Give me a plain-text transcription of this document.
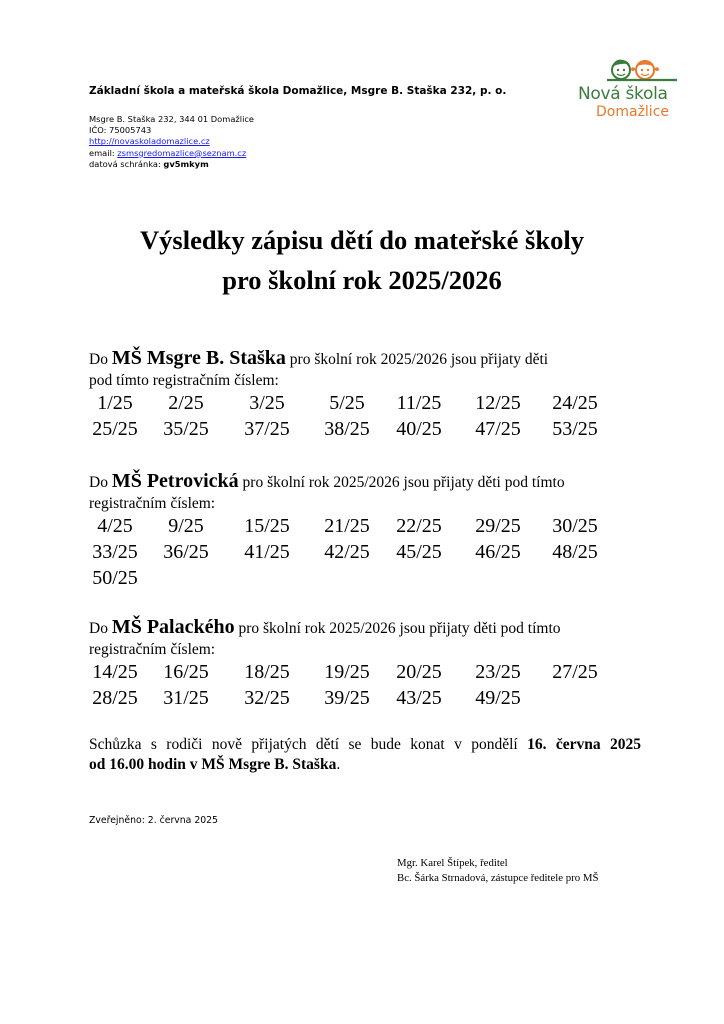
Základní škola a mateřská škola Domažlice, Msgre B. Staška 232, p. o.
Msgre B. Staška 232, 344 01 Domažlice
IČO: 75005743
http://novaskoladomazlice.cz
email: zsmsgredomazlice@seznam.cz
datová schránka: gv5mkym
Nová škola
Domažlice
Výsledky zápisu dětí do mateřské školy
pro školní rok 2025/2026
Do MŠ Msgre B. Staška pro školní rok 2025/2026 jsou přijaty děti
pod tímto registračním číslem:
1/25 2/25 3/25 5/25 11/25 12/25 24/25
25/25 35/25 37/25 38/25 40/25 47/25 53/25
Do MŠ Petrovická pro školní rok 2025/2026 jsou přijaty děti pod tímto
registračním číslem:
4/25 9/25 15/25 21/25 22/25 29/25 30/25
33/25 36/25 41/25 42/25 45/25 46/25 48/25
50/25
Do MŠ Palackého pro školní rok 2025/2026 jsou přijaty děti pod tímto
registračním číslem:
14/25 16/25 18/25 19/25 20/25 23/25 27/25
28/25 31/25 32/25 39/25 43/25 49/25
Schůzka s rodiči nově přijatých dětí se bude konat v pondělí 16. června 2025
od 16.00 hodin v MŠ Msgre B. Staška.
Zveřejněno: 2. června 2025
Mgr. Karel Štípek, ředitel
Bc. Šárka Strnadová, zástupce ředitele pro MŠ
